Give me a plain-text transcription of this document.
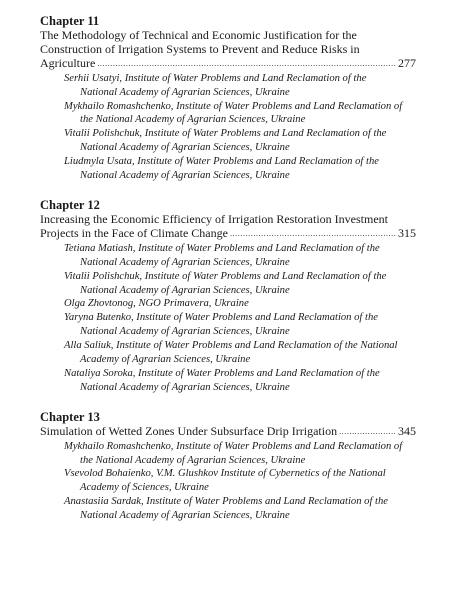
Chapter 11
The Methodology of Technical and Economic Justification for the
Construction of Irrigation Systems to Prevent and Reduce Risks in
Agriculture .....	277
Serhii Usatyi, Institute of Water Problems and Land Reclamation of the National Academy of Agrarian Sciences, Ukraine
Mykhailo Romashchenko, Institute of Water Problems and Land Reclamation of the National Academy of Agrarian Sciences, Ukraine
Vitalii Polishchuk, Institute of Water Problems and Land Reclamation of the National Academy of Agrarian Sciences, Ukraine
Liudmyla Usata, Institute of Water Problems and Land Reclamation of the National Academy of Agrarian Sciences, Ukraine
Chapter 12
Increasing the Economic Efficiency of Irrigation Restoration Investment
Projects in the Face of Climate Change .....	315
Tetiana Matiash, Institute of Water Problems and Land Reclamation of the National Academy of Agrarian Sciences, Ukraine
Vitalii Polishchuk, Institute of Water Problems and Land Reclamation of the National Academy of Agrarian Sciences, Ukraine
Olga Zhovtonog, NGO Primavera, Ukraine
Yaryna Butenko, Institute of Water Problems and Land Reclamation of the National Academy of Agrarian Sciences, Ukraine
Alla Saliuk, Institute of Water Problems and Land Reclamation of the National Academy of Agrarian Sciences, Ukraine
Nataliya Soroka, Institute of Water Problems and Land Reclamation of the National Academy of Agrarian Sciences, Ukraine
Chapter 13
Simulation of Wetted Zones Under Subsurface Drip Irrigation .....	345
Mykhailo Romashchenko, Institute of Water Problems and Land Reclamation of the National Academy of Agrarian Sciences, Ukraine
Vsevolod Bohaienko, V.M. Glushkov Institute of Cybernetics of the National Academy of Sciences, Ukraine
Anastasiia Sardak, Institute of Water Problems and Land Reclamation of the National Academy of Agrarian Sciences, Ukraine
